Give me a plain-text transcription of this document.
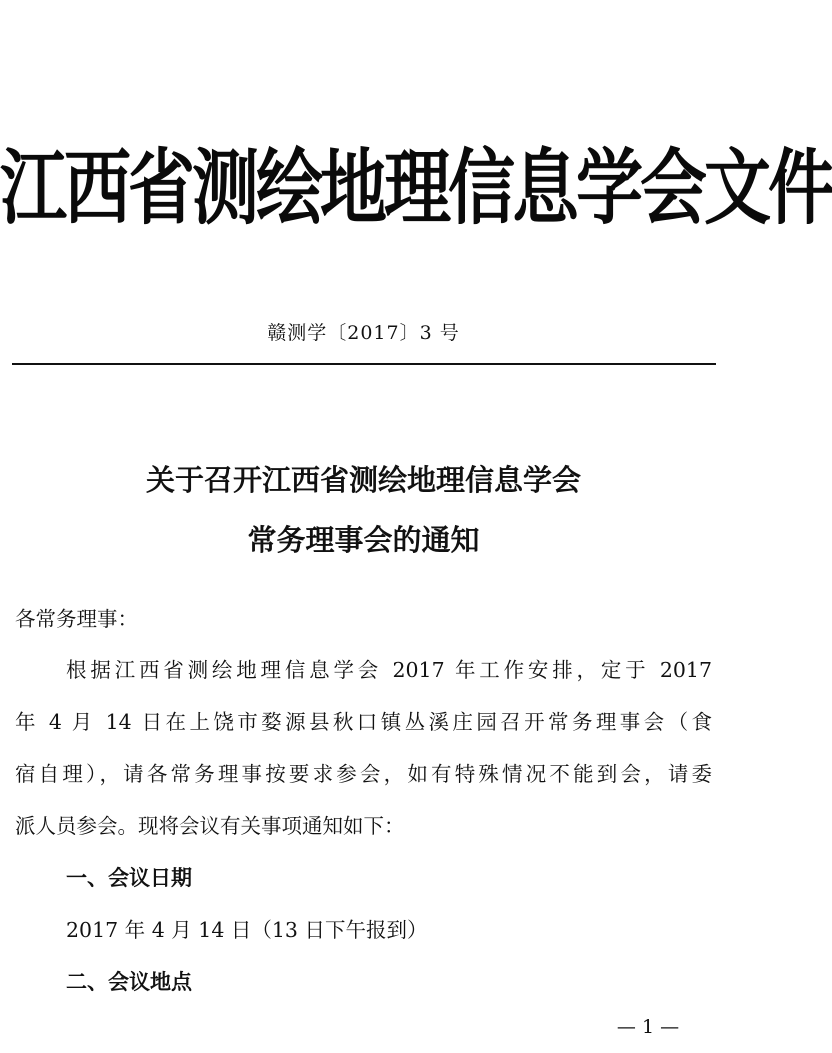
江西省测绘地理信息学会文件
赣测学〔2017〕3 号
关于召开江西省测绘地理信息学会
常务理事会的通知
各常务理事：
根据江西省测绘地理信息学会 2017 年工作安排，定于 2017
年 4 月 14 日在上饶市婺源县秋口镇丛溪庄园召开常务理事会（食
宿自理），请各常务理事按要求参会，如有特殊情况不能到会，请委
派人员参会。现将会议有关事项通知如下：
一、会议日期
2017 年 4 月 14 日（13 日下午报到）
二、会议地点
— 1 —
